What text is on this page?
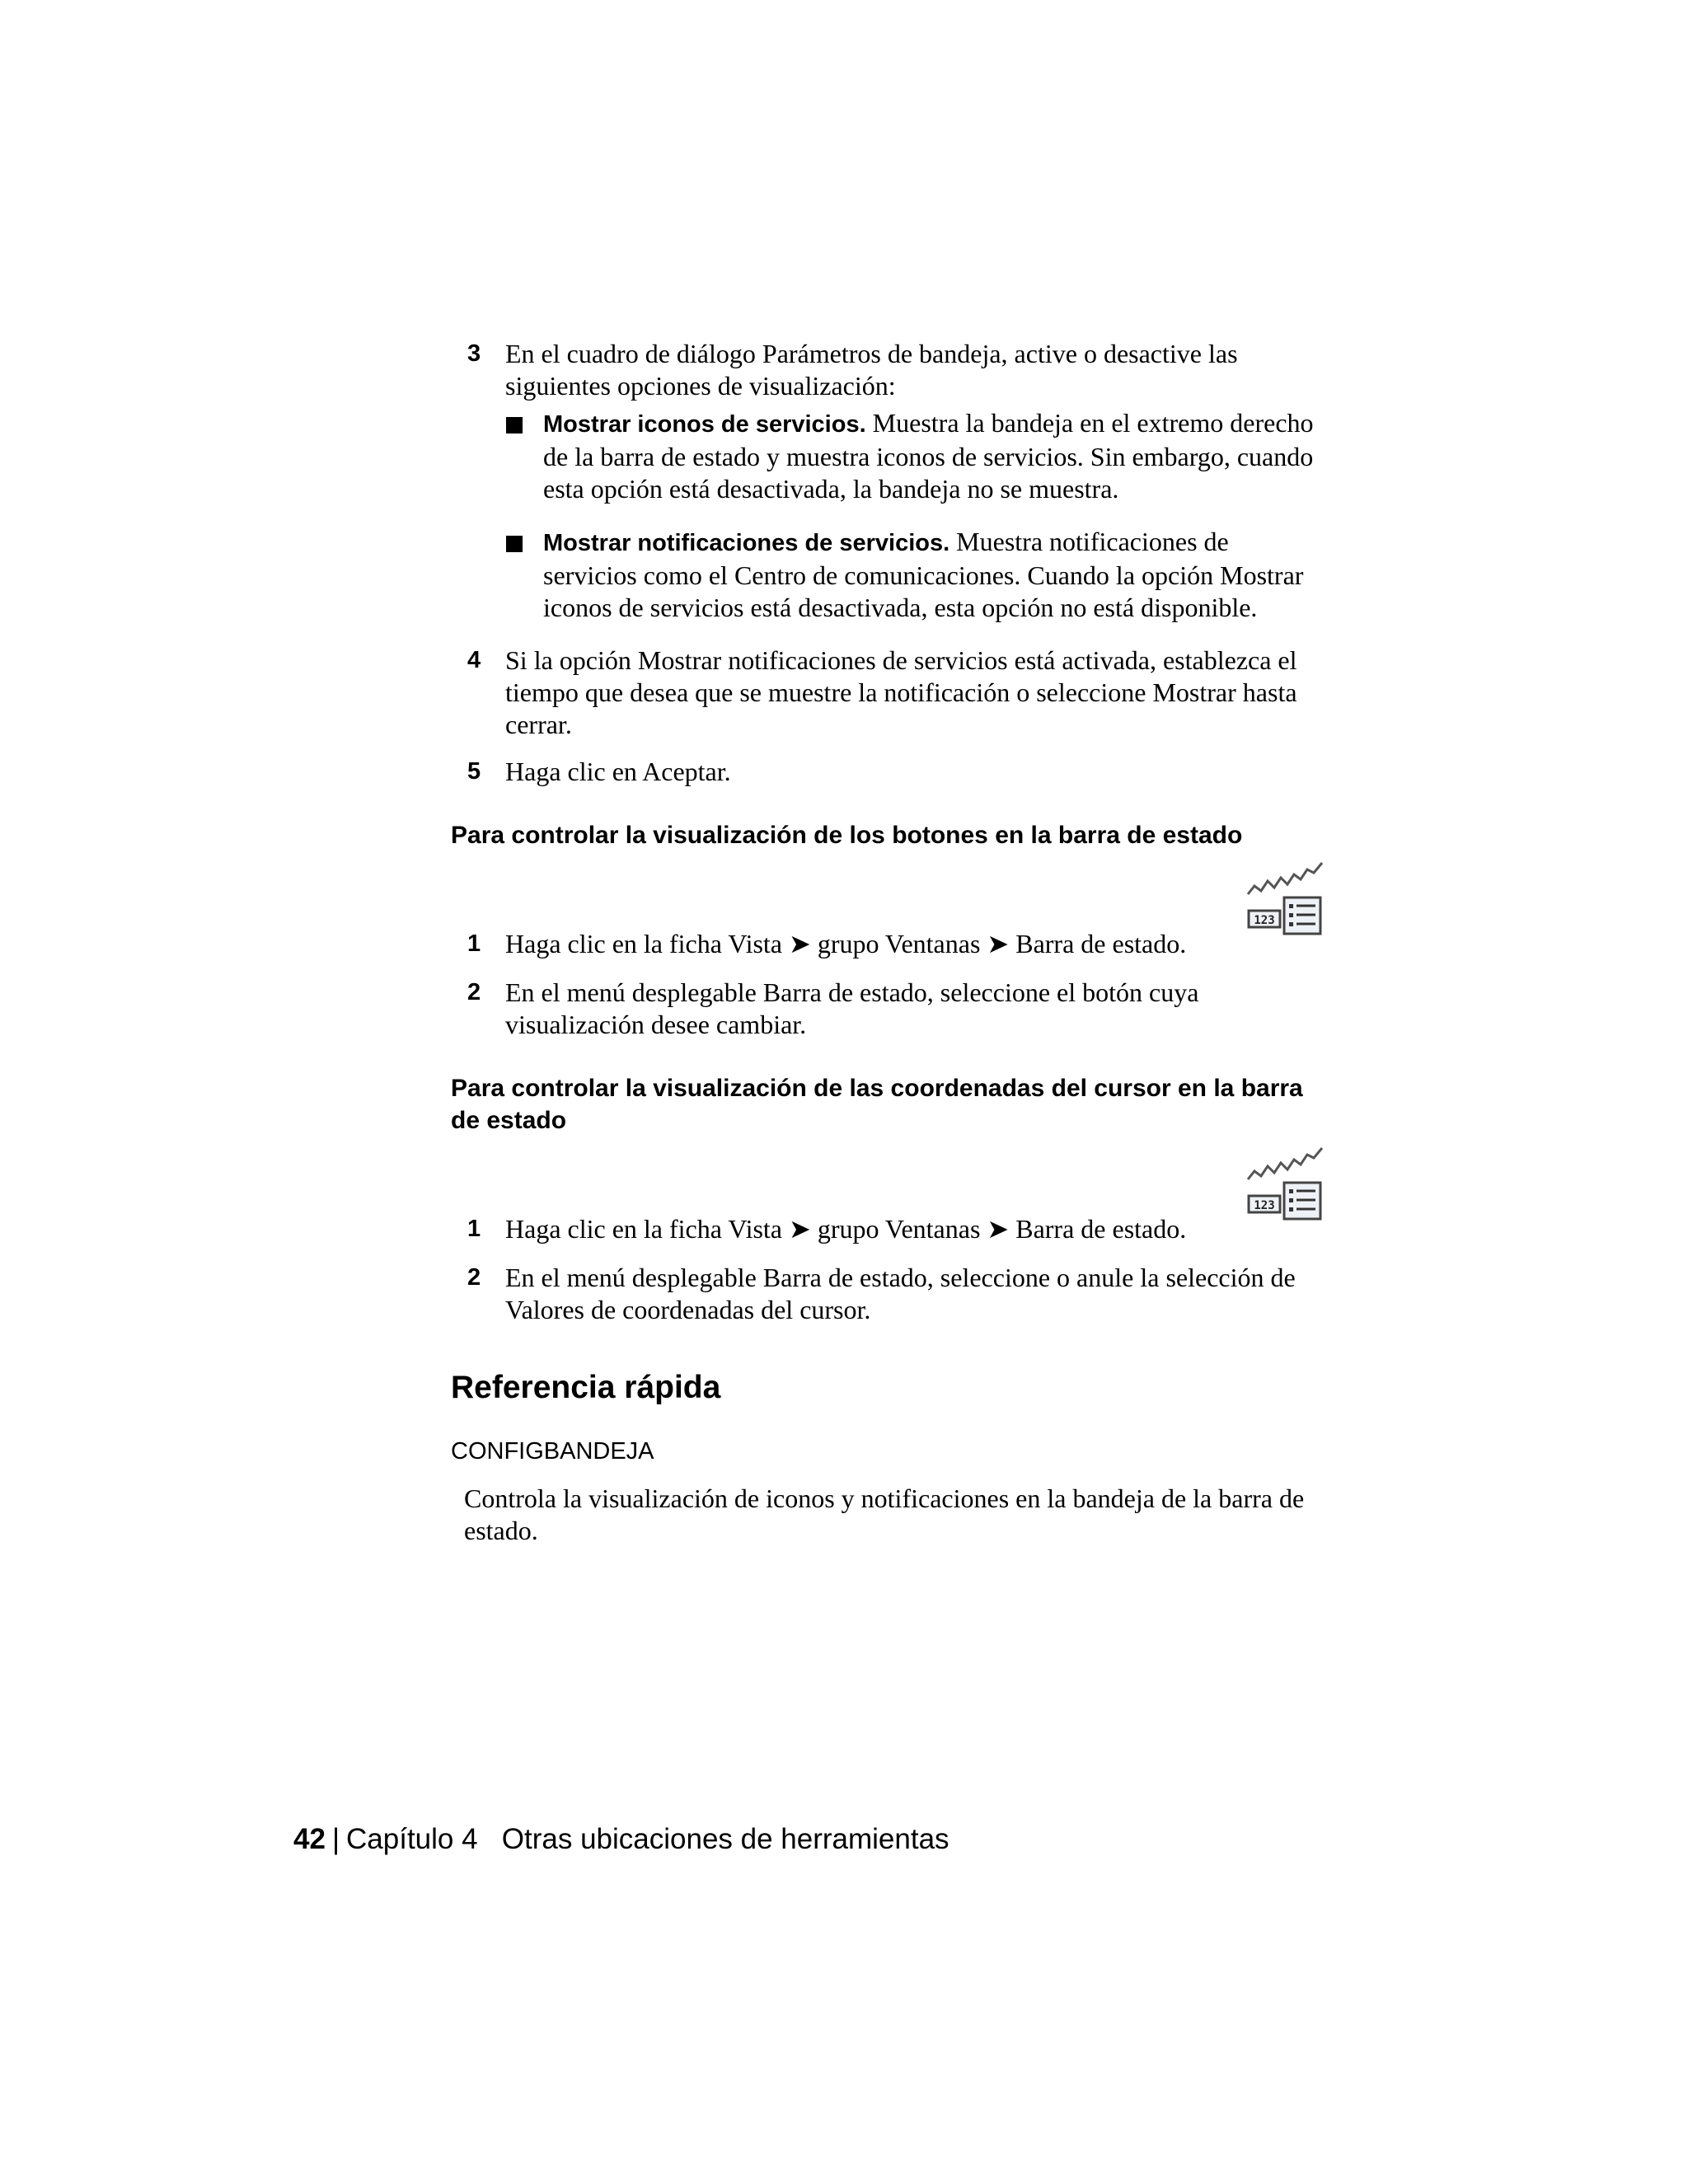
3 En el cuadro de diálogo Parámetros de bandeja, active o desactive las siguientes opciones de visualización:
Mostrar iconos de servicios. Muestra la bandeja en el extremo derecho de la barra de estado y muestra iconos de servicios. Sin embargo, cuando esta opción está desactivada, la bandeja no se muestra.
Mostrar notificaciones de servicios. Muestra notificaciones de servicios como el Centro de comunicaciones. Cuando la opción Mostrar iconos de servicios está desactivada, esta opción no está disponible.
4 Si la opción Mostrar notificaciones de servicios está activada, establezca el tiempo que desea que se muestre la notificación o seleccione Mostrar hasta cerrar.
5 Haga clic en Aceptar.
Para controlar la visualización de los botones en la barra de estado
123
1 Haga clic en la ficha Vista ➤ grupo Ventanas ➤ Barra de estado.
2 En el menú desplegable Barra de estado, seleccione el botón cuya visualización desee cambiar.
Para controlar la visualización de las coordenadas del cursor en la barra de estado
123
1 Haga clic en la ficha Vista ➤ grupo Ventanas ➤ Barra de estado.
2 En el menú desplegable Barra de estado, seleccione o anule la selección de Valores de coordenadas del cursor.
Referencia rápida
CONFIGBANDEJA
Controla la visualización de iconos y notificaciones en la bandeja de la barra de estado.
42 | Capítulo 4 Otras ubicaciones de herramientas
